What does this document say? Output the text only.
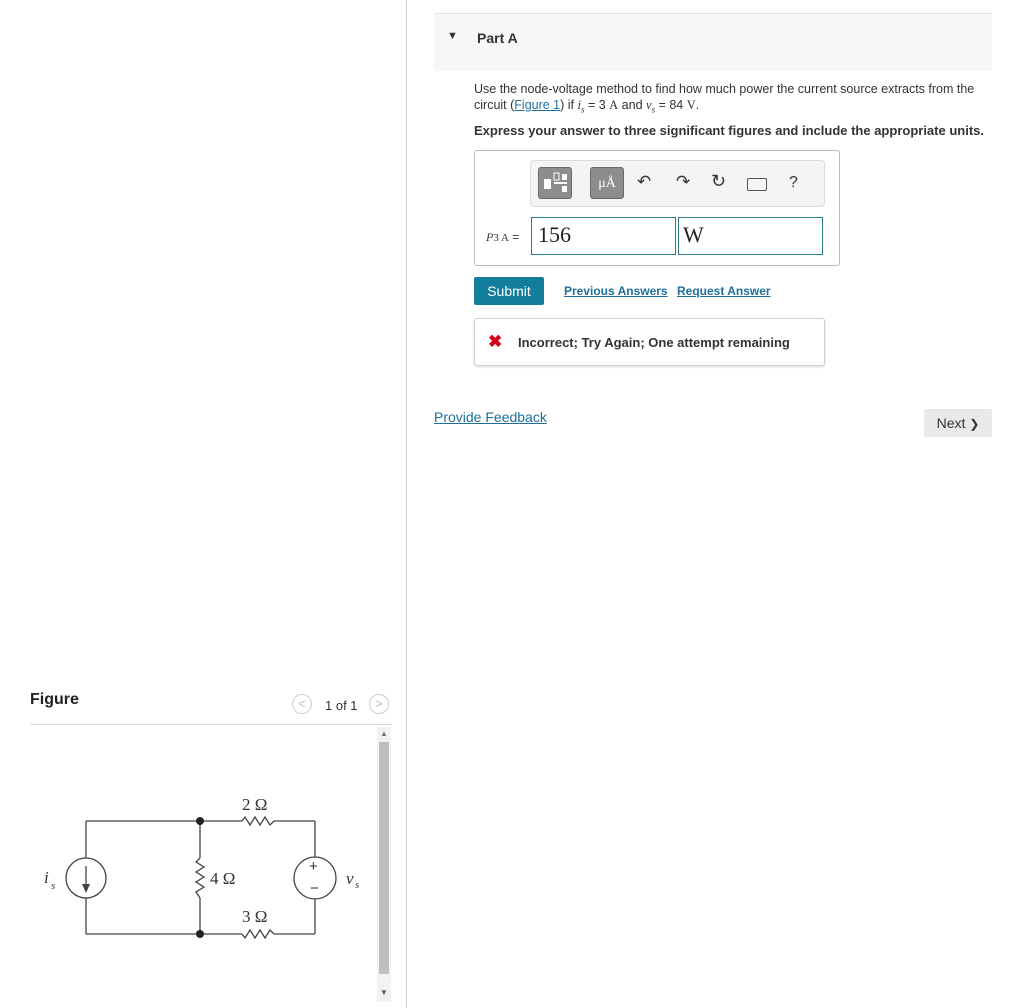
Figure	<	1 of 1	>
▲
▼
2 Ω
4 Ω
3 Ω
i s	v s
+
−
▼ Part A
Use the node-voltage method to find how much power the current source extracts from the circuit (Figure 1) if $i_s = 3$ A and $v_s = 84$ V.
Express your answer to three significant figures and include the appropriate units.
μÅ	↶ ↷ ↻	?
P3 A = 156	W
Submit	Previous Answers Request Answer
✖ Incorrect; Try Again; One attempt remaining
Provide Feedback	Next ❯
